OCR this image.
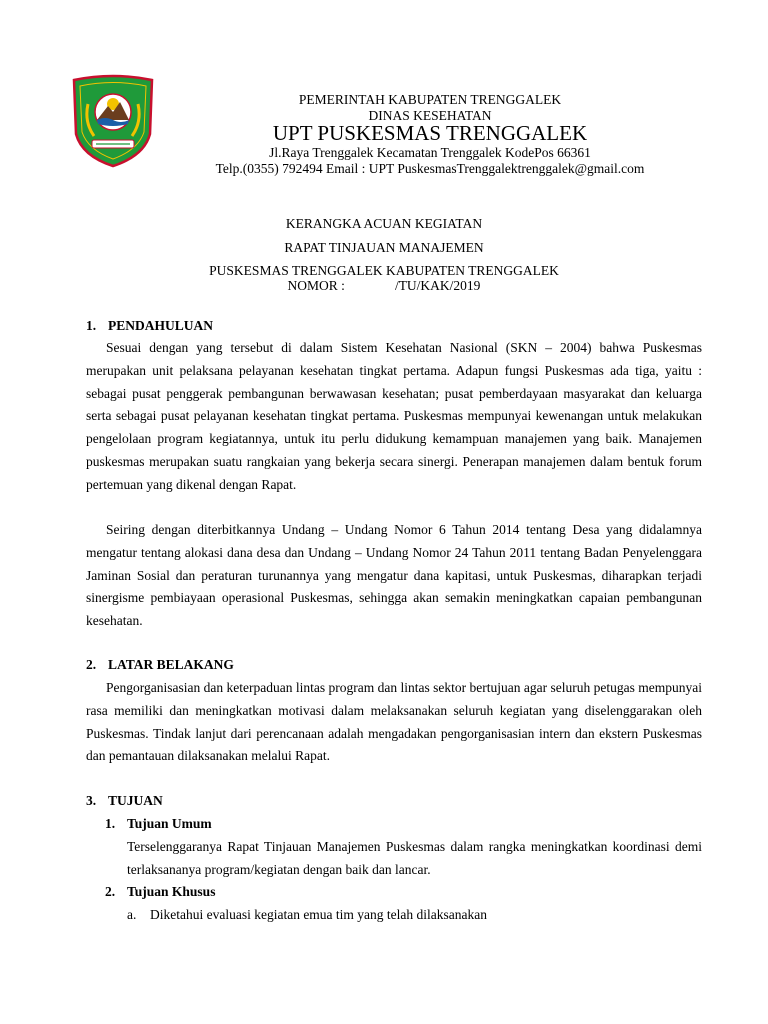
PEMERINTAH KABUPATEN TRENGGALEK
DINAS KESEHATAN
UPT PUSKESMAS TRENGGALEK
Jl.Raya Trenggalek Kecamatan Trenggalek KodePos 66361
Telp.(0355) 792494 Email : UPT PuskesmasTrenggalektrenggalek@gmail.com
KERANGKA ACUAN KEGIATAN
RAPAT TINJAUAN MANAJEMEN
PUSKESMAS TRENGGALEK KABUPATEN TRENGGALEK
NOMOR :	/TU/KAK/2019
1. PENDAHULUAN
Sesuai dengan yang tersebut di dalam Sistem Kesehatan Nasional (SKN – 2004) bahwa Puskesmas merupakan unit pelaksana pelayanan kesehatan tingkat pertama. Adapun fungsi Puskesmas ada tiga, yaitu : sebagai pusat penggerak pembangunan berwawasan kesehatan; pusat pemberdayaan masyarakat dan keluarga serta sebagai pusat pelayanan kesehatan tingkat pertama. Puskesmas mempunyai kewenangan untuk melakukan pengelolaan program kegiatannya, untuk itu perlu didukung kemampuan manajemen yang baik. Manajemen puskesmas merupakan suatu rangkaian yang bekerja secara sinergi. Penerapan manajemen dalam bentuk forum pertemuan yang dikenal dengan Rapat.
Seiring dengan diterbitkannya Undang – Undang Nomor 6 Tahun 2014 tentang Desa yang didalamnya mengatur tentang alokasi dana desa dan Undang – Undang Nomor 24 Tahun 2011 tentang Badan Penyelenggara Jaminan Sosial dan peraturan turunannya yang mengatur dana kapitasi, untuk Puskesmas, diharapkan terjadi sinergisme pembiayaan operasional Puskesmas, sehingga akan semakin meningkatkan capaian pembangunan kesehatan.
2. LATAR BELAKANG
Pengorganisasian dan keterpaduan lintas program dan lintas sektor bertujuan agar seluruh petugas mempunyai rasa memiliki dan meningkatkan motivasi dalam melaksanakan seluruh kegiatan yang diselenggarakan oleh Puskesmas. Tindak lanjut dari perencanaan adalah mengadakan pengorganisasian intern dan ekstern Puskesmas dan pemantauan dilaksanakan melalui Rapat.
3. TUJUAN
1. Tujuan Umum
Terselenggaranya Rapat Tinjauan Manajemen Puskesmas dalam rangka meningkatkan koordinasi demi terlaksananya program/kegiatan dengan baik dan lancar.
2. Tujuan Khusus
a. Diketahui evaluasi kegiatan emua tim yang telah dilaksanakan
